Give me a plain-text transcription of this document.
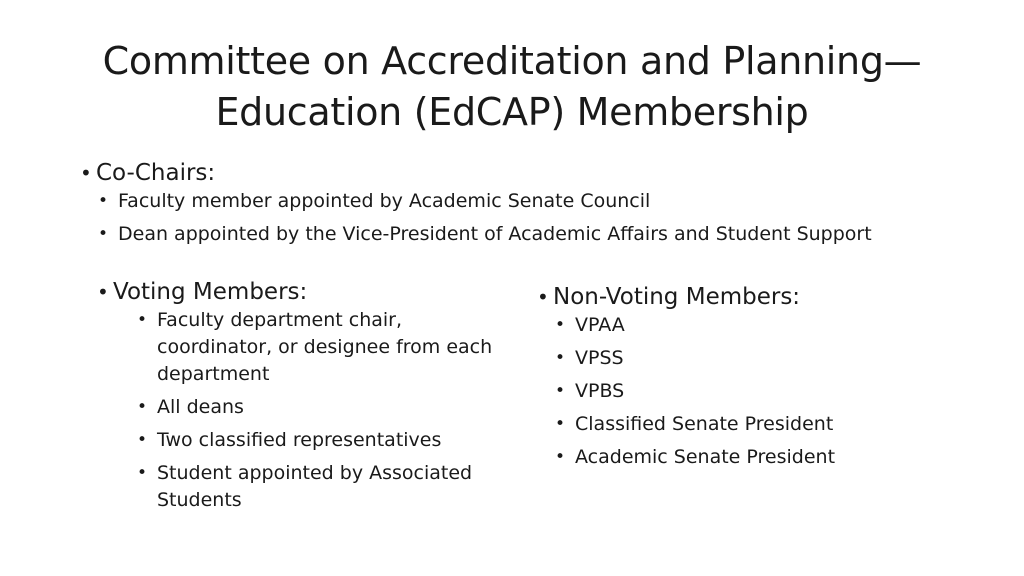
Committee on Accreditation and Planning—
Education (EdCAP) Membership
• Co-Chairs:
• Faculty member appointed by Academic Senate Council
• Dean appointed by the Vice-President of Academic Affairs and Student Support
• Voting Members:
• Faculty department chair, coordinator, or designee from each department
• All deans
• Two classified representatives
• Student appointed by Associated Students
• Non-Voting Members:
• VPAA
• VPSS
• VPBS
• Classified Senate President
• Academic Senate President
